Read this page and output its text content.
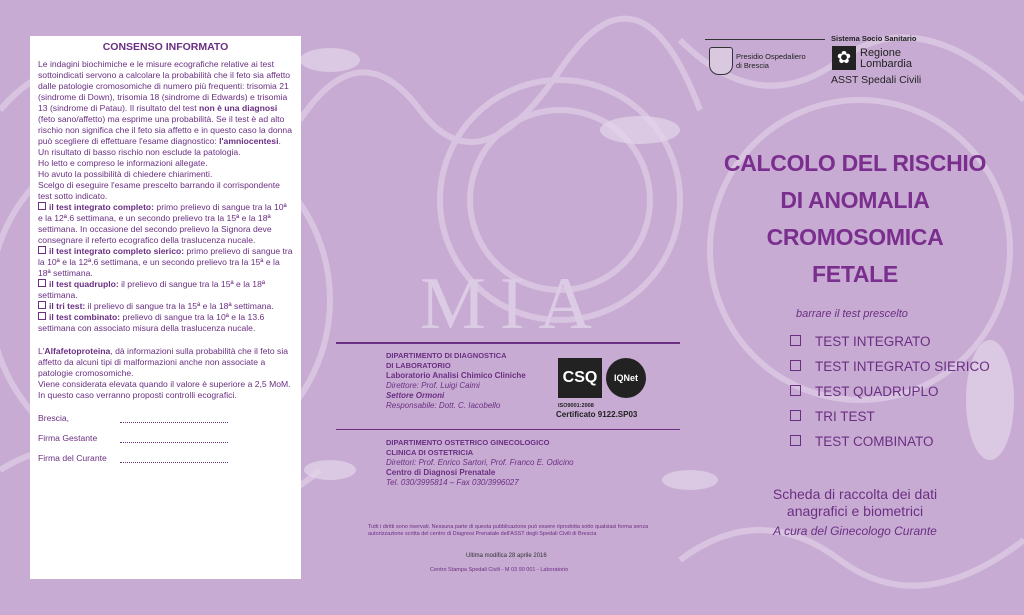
MIA
CONSENSO INFORMATO

Le indagini biochimiche e le misure ecografiche relative ai test sottoindicati servono a calcolare la probabilità che il feto sia affetto dalle patologie cromosomiche di numero più frequenti: trisomia 21 (sindrome di Down), trisomia 18 (sindrome di Edwards) e trisomia 13 (sindrome di Patau). Il risultato del test non è una diagnosi (feto sano/affetto) ma esprime una probabilità. Se il test è ad alto rischio non significa che il feto sia affetto e in questo caso la donna può scegliere di effettuare l'esame diagnostico: l'amniocentesi.

Un risultato di basso rischio non esclude la patologia.

Ho letto e compreso le informazioni allegate.

Ho avuto la possibilità di chiedere chiarimenti.

Scelgo di eseguire l'esame prescelto barrando il corrispondente test sotto indicato.

il test integrato completo: primo prelievo di sangue tra la 10ª e la 12ª.6 settimana, e un secondo prelievo tra la 15ª e la 18ª settimana. In occasione del secondo prelievo la Signora deve consegnare il referto ecografico della traslucenza nucale.

il test integrato completo sierico: primo prelievo di sangue tra la 10ª e la 12ª.6 settimana, e un secondo prelievo tra la 15ª e la 18ª settimana.

il test quadruplo: il prelievo di sangue tra la 15ª e la 18ª settimana.

il tri test: il prelievo di sangue tra la 15ª e la 18ª settimana.

il test combinato: prelievo di sangue tra la 10ª e la 13.6 settimana con associato misura della traslucenza nucale.

L'Alfafetoproteina, dà informazioni sulla probabilità che il feto sia affetto da alcuni tipi di malformazioni anche non associate a patologie cromosomiche.

Viene considerata elevata quando il valore è superiore a 2,5 MoM.

In questo caso verranno proposti controlli ecografici.

Brescia,
Firma Gestante
Firma del Curante
DIPARTIMENTO DI DIAGNOSTICA
DI LABORATORIO
Laboratorio Analisi Chimico Cliniche
Direttore: Prof. Luigi Caimi
Settore Ormoni
Responsabile: Dott. C. Iacobello
CSQ	IQNet
ISO9001:2008
Certificato 9122.SP03
DIPARTIMENTO OSTETRICO GINECOLOGICO
CLINICA DI OSTETRICIA
Direttori: Prof. Enrico Sartori, Prof. Franco E. Odicino
Centro di Diagnosi Prenatale
Tel. 030/3995814 – Fax 030/3996027
Tutti i diritti sono riservati. Nessuna parte di questa pubblicazione può essere riprodotta sotto qualsiasi forma senza autorizzazione scritta del centro di Diagnosi Prenatale dell'ASST degli Spedali Civili di Brescia
Ultima modifica 28 aprile 2016
Centro Stampa Spedali Civili - M 03 90 001 - Laboratorio
Sistema Socio Sanitario
Presidio Ospedaliero
di Brescia	✿ Regione
Lombardia
ASST Spedali Civili
CALCOLO DEL RISCHIO
DI ANOMALIA
CROMOSOMICA
FETALE
barrare il test prescelto
TEST INTEGRATO
TEST INTEGRATO SIERICO
TEST QUADRUPLO
TRI TEST
TEST COMBINATO
Scheda di raccolta dei dati
anagrafici e biometrici
A cura del Ginecologo Curante
